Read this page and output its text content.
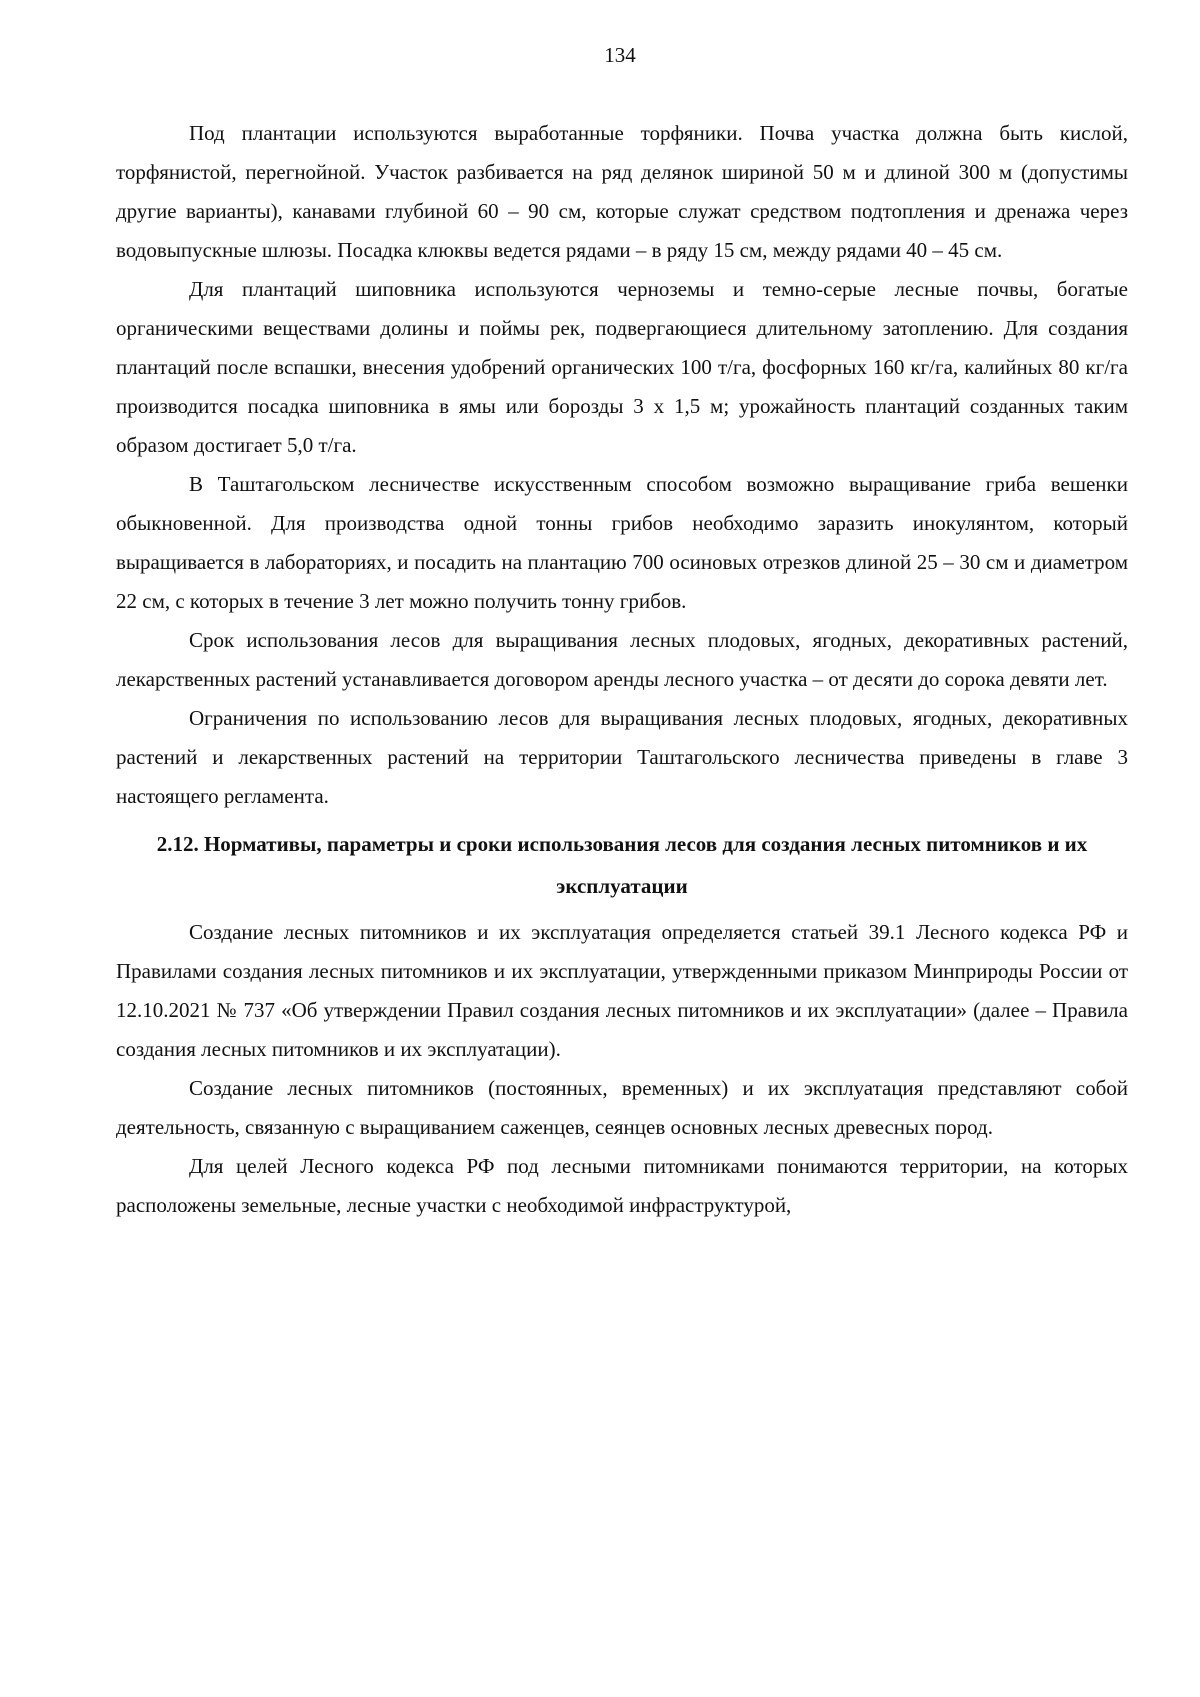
134

Под плантации используются выработанные торфяники. Почва участка должна быть кислой, торфянистой, перегнойной. Участок разбивается на ряд делянок шириной 50 м и длиной 300 м (допустимы другие варианты), канавами глубиной 60 – 90 см, которые служат средством подтопления и дренажа через водовыпускные шлюзы. Посадка клюквы ведется рядами – в ряду 15 см, между рядами 40 – 45 см.

Для плантаций шиповника используются черноземы и темно-серые лесные почвы, богатые органическими веществами долины и поймы рек, подвергающиеся длительному затоплению. Для создания плантаций после вспашки, внесения удобрений органических 100 т/га, фосфорных 160 кг/га, калийных 80 кг/га производится посадка шиповника в ямы или борозды 3 х 1,5 м; урожайность плантаций созданных таким образом достигает 5,0 т/га.

В Таштагольском лесничестве искусственным способом возможно выращивание гриба вешенки обыкновенной. Для производства одной тонны грибов необходимо заразить инокулянтом, который выращивается в лабораториях, и посадить на плантацию 700 осиновых отрезков длиной 25 – 30 см и диаметром 22 см, с которых в течение 3 лет можно получить тонну грибов.

Срок использования лесов для выращивания лесных плодовых, ягодных, декоративных растений, лекарственных растений устанавливается договором аренды лесного участка – от десяти до сорока девяти лет.

Ограничения по использованию лесов для выращивания лесных плодовых, ягодных, декоративных растений и лекарственных растений на территории Таштагольского лесничества приведены в главе 3 настоящего регламента.

2.12. Нормативы, параметры и сроки использования лесов для создания лесных питомников и их эксплуатации

Создание лесных питомников и их эксплуатация определяется статьей 39.1 Лесного кодекса РФ и Правилами создания лесных питомников и их эксплуатации, утвержденными приказом Минприроды России от 12.10.2021 № 737 «Об утверждении Правил создания лесных питомников и их эксплуатации» (далее – Правила создания лесных питомников и их эксплуатации).

Создание лесных питомников (постоянных, временных) и их эксплуатация представляют собой деятельность, связанную с выращиванием саженцев, сеянцев основных лесных древесных пород.

Для целей Лесного кодекса РФ под лесными питомниками понимаются территории, на которых расположены земельные, лесные участки с необходимой инфраструктурой,
